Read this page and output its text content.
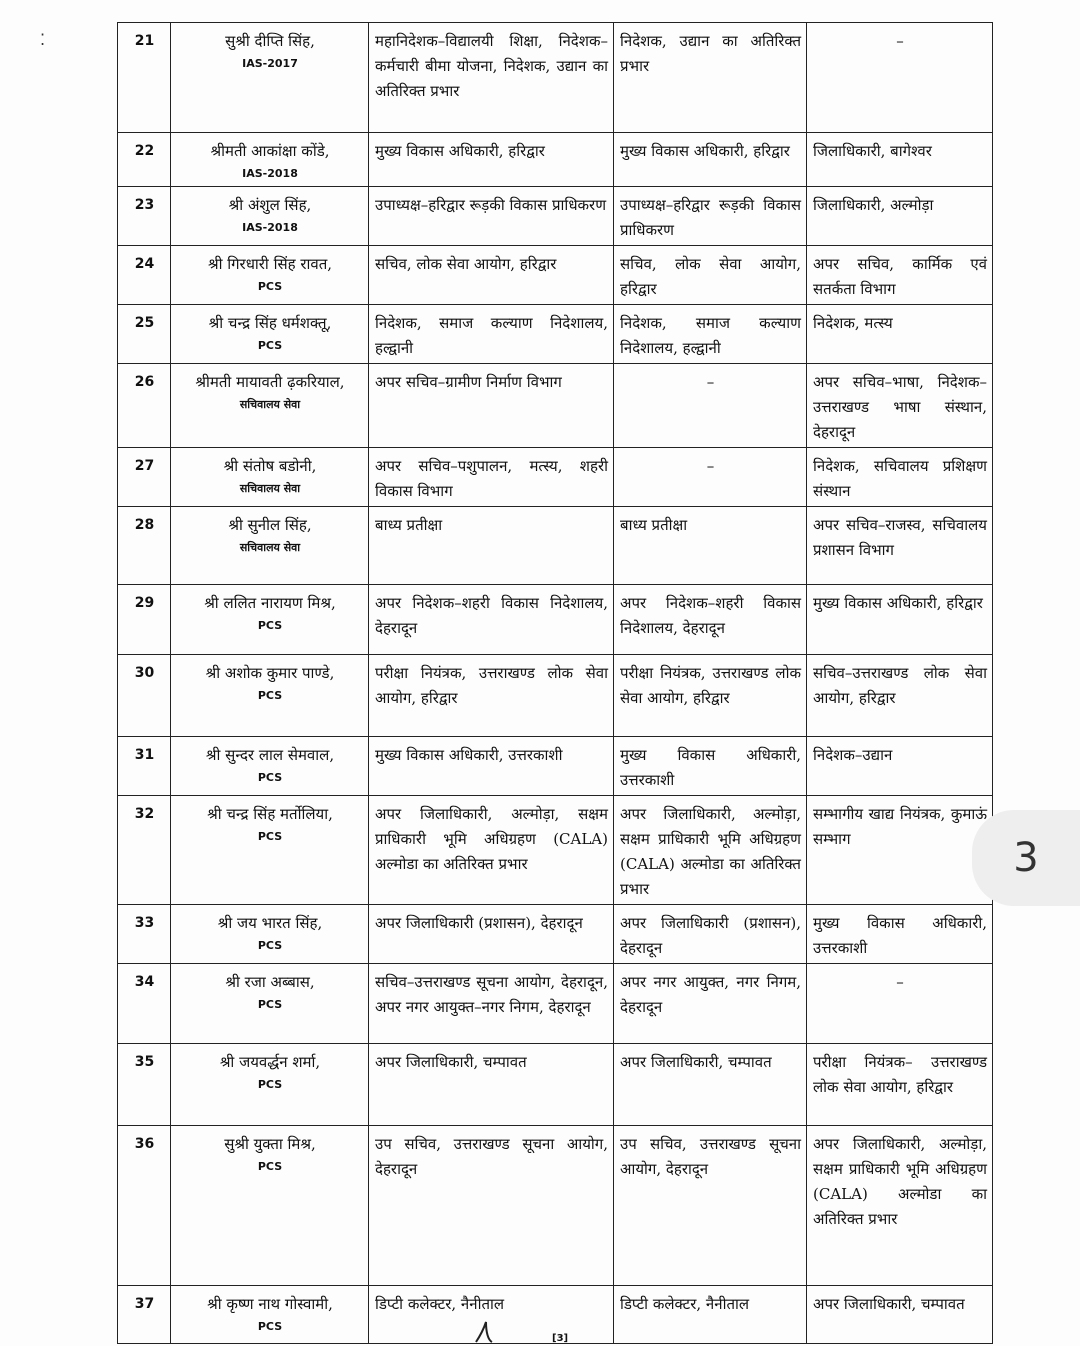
⁚	21	सुश्री दीप्ति सिंह,
IAS-2017	महानिदेशक–विद्यालयी शिक्षा, निदेशक–कर्मचारी बीमा योजना, निदेशक, उद्यान का अतिरिक्त प्रभार	निदेशक, उद्यान का अतिरिक्त प्रभार	–
22	श्रीमती आकांक्षा कोंडे,
IAS-2018	मुख्य विकास अधिकारी, हरिद्वार	मुख्य विकास अधिकारी, हरिद्वार	जिलाधिकारी, बागेश्वर
23	श्री अंशुल सिंह,
IAS-2018	उपाध्यक्ष–हरिद्वार रूड़की विकास प्राधिकरण	उपाध्यक्ष–हरिद्वार रूड़की विकास प्राधिकरण	जिलाधिकारी, अल्मोड़ा
24	श्री गिरधारी सिंह रावत,
PCS	सचिव, लोक सेवा आयोग, हरिद्वार	सचिव, लोक सेवा आयोग, हरिद्वार	अपर सचिव, कार्मिक एवं सतर्कता विभाग
25	श्री चन्द्र सिंह धर्मशक्तू,
PCS	निदेशक, समाज कल्याण निदेशालय, हल्द्वानी	निदेशक, समाज कल्याण निदेशालय, हल्द्वानी	निदेशक, मत्स्य
26	श्रीमती मायावती ढ़करियाल,
सचिवालय सेवा	अपर सचिव–ग्रामीण निर्माण विभाग	–	अपर सचिव–भाषा, निदेशक–उत्तराखण्ड भाषा संस्थान, देहरादून
27	श्री संतोष बडोनी,
सचिवालय सेवा	अपर सचिव–पशुपालन, मत्स्य, शहरी विकास विभाग	–	निदेशक, सचिवालय प्रशिक्षण संस्थान
28	श्री सुनील सिंह,
सचिवालय सेवा	बाध्य प्रतीक्षा	बाध्य प्रतीक्षा	अपर सचिव–राजस्व, सचिवालय प्रशासन विभाग
29	श्री ललित नारायण मिश्र,
PCS	अपर निदेशक–शहरी विकास निदेशालय, देहरादून	अपर निदेशक–शहरी विकास निदेशालय, देहरादून	मुख्य विकास अधिकारी, हरिद्वार
30	श्री अशोक कुमार पाण्डे,
PCS	परीक्षा नियंत्रक, उत्तराखण्ड लोक सेवा आयोग, हरिद्वार	परीक्षा नियंत्रक, उत्तराखण्ड लोक सेवा आयोग, हरिद्वार	सचिव–उत्तराखण्ड लोक सेवा आयोग, हरिद्वार
31	श्री सुन्दर लाल सेमवाल,
PCS	मुख्य विकास अधिकारी, उत्तरकाशी	मुख्य विकास अधिकारी, उत्तरकाशी	निदेशक–उद्यान
32	श्री चन्द्र सिंह मर्तोलिया,
PCS	अपर जिलाधिकारी, अल्मोड़ा, सक्षम प्राधिकारी भूमि अधिग्रहण (CALA) अल्मोडा का अतिरिक्त प्रभार	अपर जिलाधिकारी, अल्मोड़ा, सक्षम प्राधिकारी भूमि अधिग्रहण (CALA) अल्मोडा का अतिरिक्त प्रभार	सम्भागीय खाद्य नियंत्रक, कुमाऊं सम्भाग
33	श्री जय भारत सिंह,
PCS	अपर जिलाधिकारी (प्रशासन), देहरादून	अपर जिलाधिकारी (प्रशासन), देहरादून	मुख्य विकास अधिकारी, उत्तरकाशी
34	श्री रजा अब्बास,
PCS	सचिव–उत्तराखण्ड सूचना आयोग, देहरादून, अपर नगर आयुक्त–नगर निगम, देहरादून	अपर नगर आयुक्त, नगर निगम, देहरादून	–
35	श्री जयवर्द्धन शर्मा,
PCS	अपर जिलाधिकारी, चम्पावत	अपर जिलाधिकारी, चम्पावत	परीक्षा नियंत्रक– उत्तराखण्ड लोक सेवा आयोग, हरिद्वार
36	सुश्री युक्ता मिश्र,
PCS	उप सचिव, उत्तराखण्ड सूचना आयोग, देहरादून	उप सचिव, उत्तराखण्ड सूचना आयोग, देहरादून	अपर जिलाधिकारी, अल्मोड़ा, सक्षम प्राधिकारी भूमि अधिग्रहण (CALA) अल्मोडा का अतिरिक्त प्रभार
37	श्री कृष्ण नाथ गोस्वामी,
PCS	डिप्टी कलेक्टर, नैनीताल	डिप्टी कलेक्टर, नैनीताल	अपर जिलाधिकारी, चम्पावत
3
[3]
